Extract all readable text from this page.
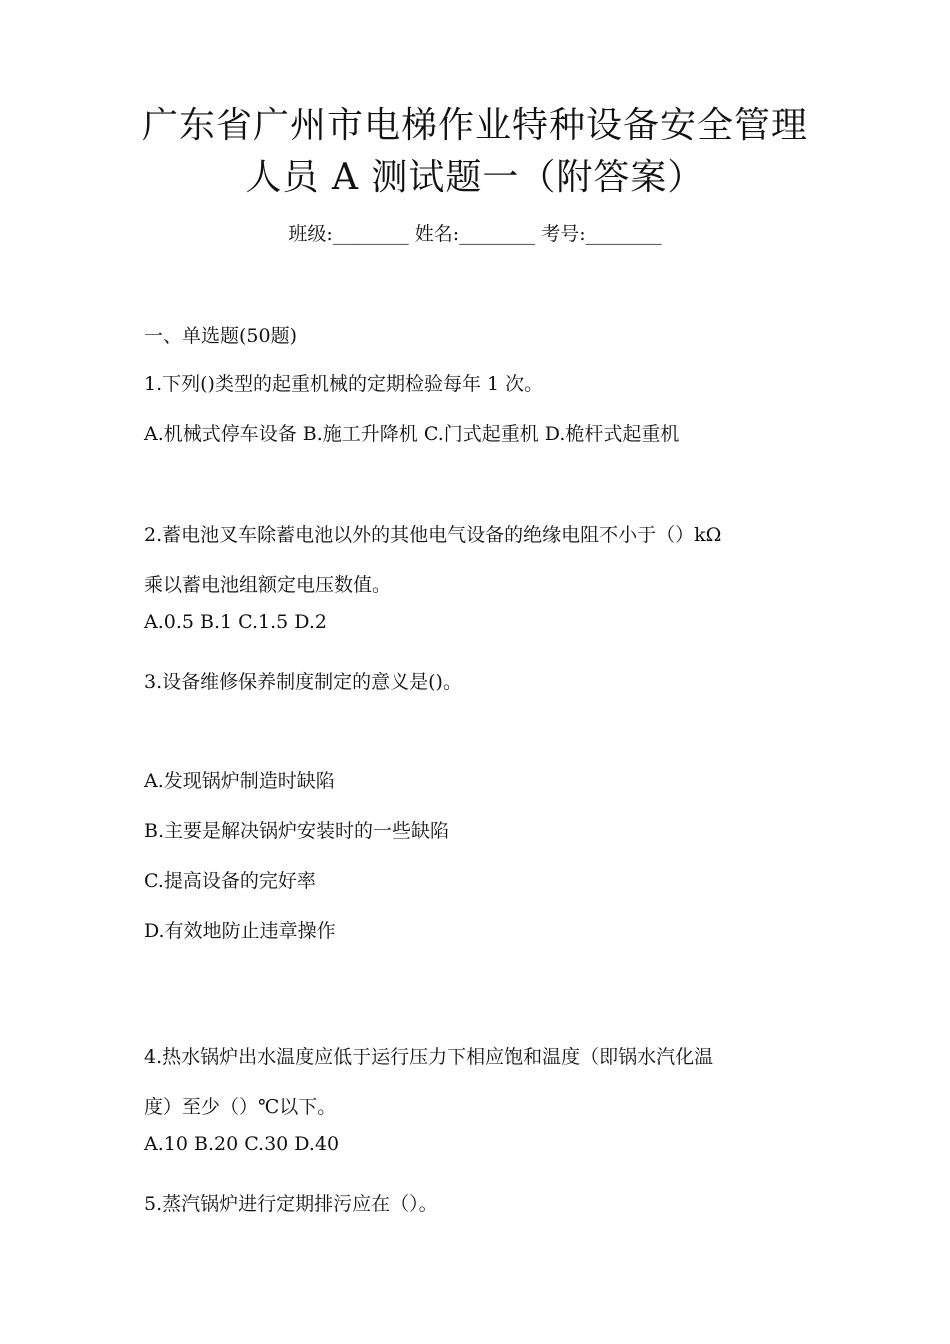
广东省广州市电梯作业特种设备安全管理
人员 A 测试题一（附答案）
班级:________ 姓名:________ 考号:________
一、单选题(50题)
1.下列()类型的起重机械的定期检验每年 1 次。
A.机械式停车设备 B.施工升降机 C.门式起重机 D.桅杆式起重机
2.蓄电池叉车除蓄电池以外的其他电气设备的绝缘电阻不小于（）kΩ
乘以蓄电池组额定电压数值。
A.0.5 B.1 C.1.5 D.2
3.设备维修保养制度制定的意义是()。
A.发现锅炉制造时缺陷
B.主要是解决锅炉安装时的一些缺陷
C.提高设备的完好率
D.有效地防止违章操作
4.热水锅炉出水温度应低于运行压力下相应饱和温度（即锅水汽化温
度）至少（）℃以下。
A.10 B.20 C.30 D.40
5.蒸汽锅炉进行定期排污应在（）。
